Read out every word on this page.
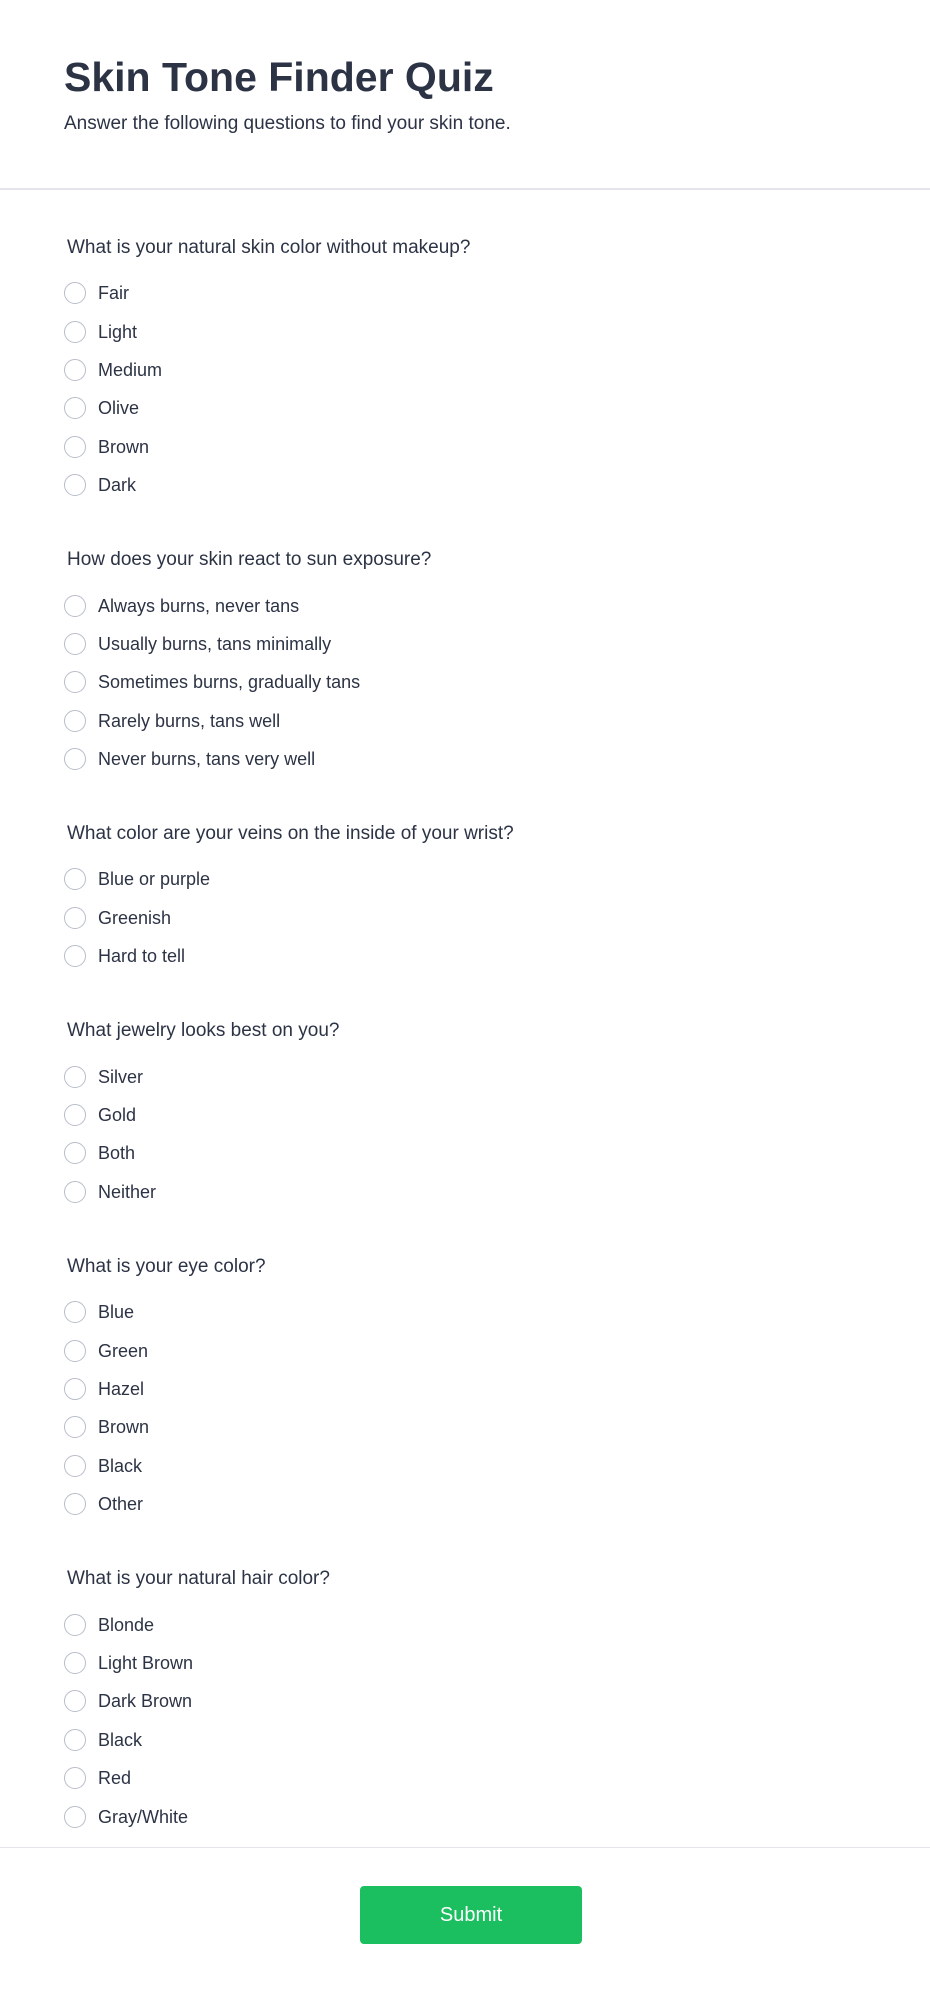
Skin Tone Finder Quiz

Answer the following questions to find your skin tone.

What is your natural skin color without makeup?
Fair
Light
Medium
Olive
Brown
Dark
How does your skin react to sun exposure?
Always burns, never tans
Usually burns, tans minimally
Sometimes burns, gradually tans
Rarely burns, tans well
Never burns, tans very well
What color are your veins on the inside of your wrist?
Blue or purple
Greenish
Hard to tell
What jewelry looks best on you?
Silver
Gold
Both
Neither
What is your eye color?
Blue
Green
Hazel
Brown
Black
Other
What is your natural hair color?
Blonde
Light Brown
Dark Brown
Black
Red
Gray/White
Submit
